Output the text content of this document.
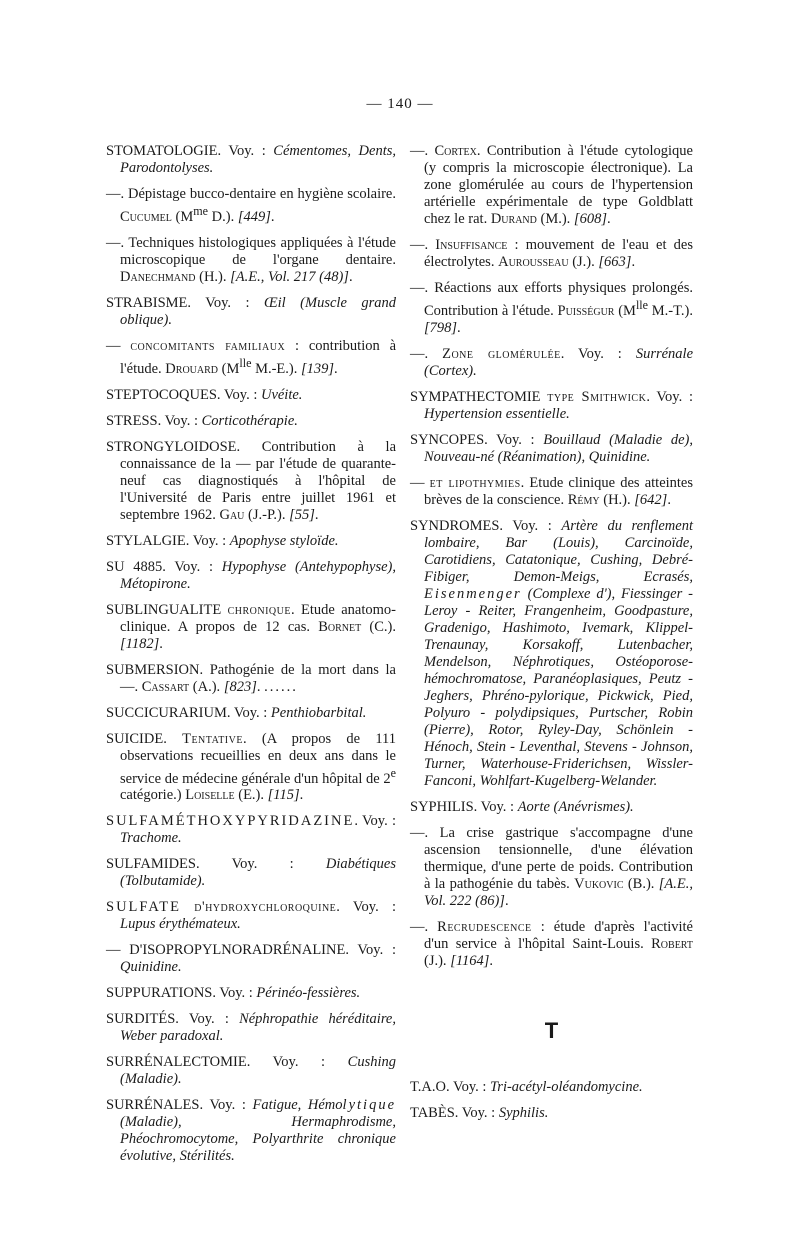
— 140 —
STOMATOLOGIE. Voy. : Cémentomes, Dents, Parodontolyses.
—. Dépistage bucco-dentaire en hygiène scolaire. Cucumel ($M^{me}$ D.). [449].
—. Techniques histologiques appliquées à l'étude microscopique de l'organe dentaire. Danechmand (H.). [A.E., Vol. 217 (48)].
STRABISME. Voy. : Œil (Muscle grand oblique).
— concomitants familiaux : contribution à l'étude. Drouard ($M^{lle}$ M.-E.). [139].
STEPTOCOQUES. Voy. : Uvéite.
STRESS. Voy. : Corticothérapie.
STRONGYLOIDOSE. Contribution à la connaissance de la — par l'étude de quarante-neuf cas diagnostiqués à l'hôpital de l'Université de Paris entre juillet 1961 et septembre 1962. Gau (J.-P.). [55].
STYLALGIE. Voy. : Apophyse styloïde.
SU 4885. Voy. : Hypophyse (Antehypophyse), Métopirone.
SUBLINGUALITE chronique. Etude anatomo-clinique. A propos de 12 cas. Bornet (C.). [1182].
SUBMERSION. Pathogénie de la mort dans la —. Cassart (A.). [823]. ......
SUCCICURARIUM. Voy. : Penthiobarbital.
SUICIDE. Tentative. (A propos de 111 observations recueillies en deux ans dans le service de médecine générale d'un hôpital de 2e catégorie.) Loiselle (E.). [115].
SULFAMÉTHOXYPYRIDAZINE. Voy. : Trachome.
SULFAMIDES. Voy. : Diabétiques (Tolbutamide).
SULFATE d'hydroxychloroquine. Voy. : Lupus érythémateux.
— D'ISOPROPYLNORADRÉNALINE. Voy. : Quinidine.
SUPPURATIONS. Voy. : Périnéo-fessières.
SURDITÉS. Voy. : Néphropathie héréditaire, Weber paradoxal.
SURRÉNALECTOMIE. Voy. : Cushing (Maladie).
SURRÉNALES. Voy. : Fatigue, Hémolytique (Maladie), Hermaphrodisme, Phéochromocytome, Polyarthrite chronique évolutive, Stérilités.
—. Cortex. Contribution à l'étude cytologique (y compris la microscopie électronique). La zone glomérulée au cours de l'hypertension artérielle expérimentale de type Goldblatt chez le rat. Durand (M.). [608].
—. Insuffisance : mouvement de l'eau et des électrolytes. Aurousseau (J.). [663].
—. Réactions aux efforts physiques prolongés. Contribution à l'étude. Puisségur ($M^{lle}$ M.-T.). [798].
—. Zone glomérulée. Voy. : Surrénale (Cortex).
SYMPATHECTOMIE type Smithwick. Voy. : Hypertension essentielle.
SYNCOPES. Voy. : Bouillaud (Maladie de), Nouveau-né (Réanimation), Quinidine.
— et lipothymies. Etude clinique des atteintes brèves de la conscience. Rémy (H.). [642].
SYNDROMES. Voy. : Artère du renflement lombaire, Bar (Louis), Carcinoïde, Carotidiens, Catatonique, Cushing, Debré-Fibiger, Demon-Meigs, Ecrasés, Eisenmenger (Complexe d'), Fiessinger - Leroy - Reiter, Frangenheim, Goodpasture, Gradenigo, Hashimoto, Ivemark, Klippel-Trenaunay, Korsakoff, Lutenbacher, Mendelson, Néphrotiques, Ostéoporose-hémochromatose, Paranéoplasiques, Peutz - Jeghers, Phréno-pylorique, Pickwick, Pied, Polyuro - polydipsiques, Purtscher, Robin (Pierre), Rotor, Ryley-Day, Schönlein - Hénoch, Stein - Leventhal, Stevens - Johnson, Turner, Waterhouse-Friderichsen, Wissler-Fanconi, Wohlfart-Kugelberg-Welander.
SYPHILIS. Voy. : Aorte (Anévrismes).
—. La crise gastrique s'accompagne d'une ascension tensionnelle, d'une élévation thermique, d'une perte de poids. Contribution à la pathogénie du tabès. Vukovic (B.). [A.E., Vol. 222 (86)].
—. Recrudescence : étude d'après l'activité d'un service à l'hôpital Saint-Louis. Robert (J.). [1164].
T
T.A.O. Voy. : Tri-acétyl-oléandomycine.
TABÈS. Voy. : Syphilis.
